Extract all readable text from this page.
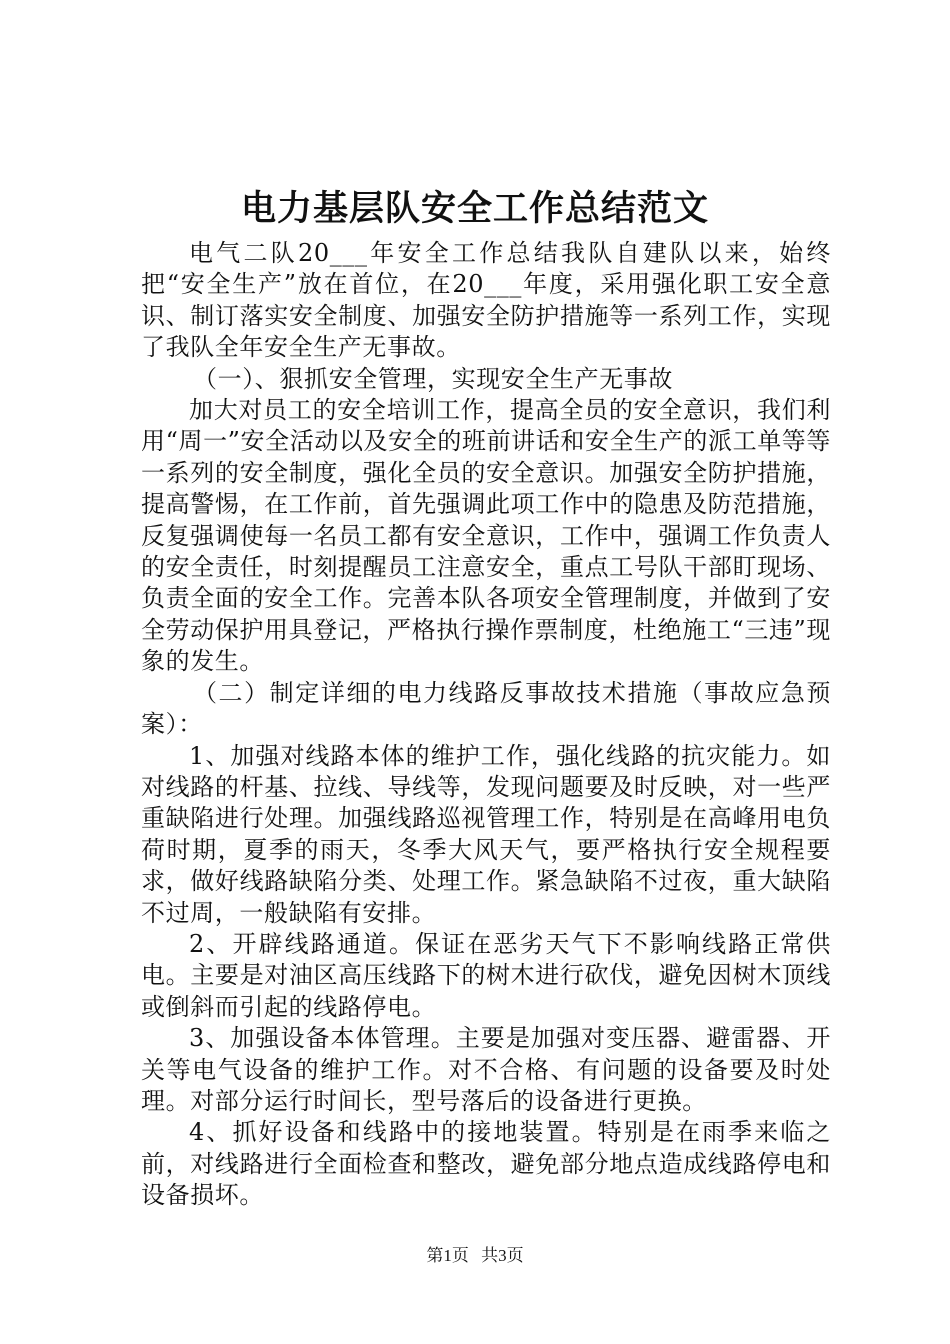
电力基层队安全工作总结范文

电气二队20___年安全工作总结我队自建队以来，始终把“安全生产”放在首位，在20___年度，采用强化职工安全意识、制订落实安全制度、加强安全防护措施等一系列工作，实现了我队全年安全生产无事故。

（一）、狠抓安全管理，实现安全生产无事故

加大对员工的安全培训工作，提高全员的安全意识，我们利用“周一”安全活动以及安全的班前讲话和安全生产的派工单等等一系列的安全制度，强化全员的安全意识。加强安全防护措施，提高警惕，在工作前，首先强调此项工作中的隐患及防范措施，反复强调使每一名员工都有安全意识，工作中，强调工作负责人的安全责任，时刻提醒员工注意安全，重点工号队干部盯现场、负责全面的安全工作。完善本队各项安全管理制度，并做到了安全劳动保护用具登记，严格执行操作票制度，杜绝施工“三违”现象的发生。

（二）制定详细的电力线路反事故技术措施（事故应急预案）：

1、加强对线路本体的维护工作，强化线路的抗灾能力。如对线路的杆基、拉线、导线等，发现问题要及时反映，对一些严重缺陷进行处理。加强线路巡视管理工作，特别是在高峰用电负荷时期，夏季的雨天，冬季大风天气，要严格执行安全规程要求，做好线路缺陷分类、处理工作。紧急缺陷不过夜，重大缺陷不过周，一般缺陷有安排。

2、开辟线路通道。保证在恶劣天气下不影响线路正常供电。主要是对油区高压线路下的树木进行砍伐，避免因树木顶线或倒斜而引起的线路停电。

3、加强设备本体管理。主要是加强对变压器、避雷器、开关等电气设备的维护工作。对不合格、有问题的设备要及时处理。对部分运行时间长，型号落后的设备进行更换。

4、抓好设备和线路中的接地装置。特别是在雨季来临之前，对线路进行全面检查和整改，避免部分地点造成线路停电和设备损坏。

第1页 共3页
